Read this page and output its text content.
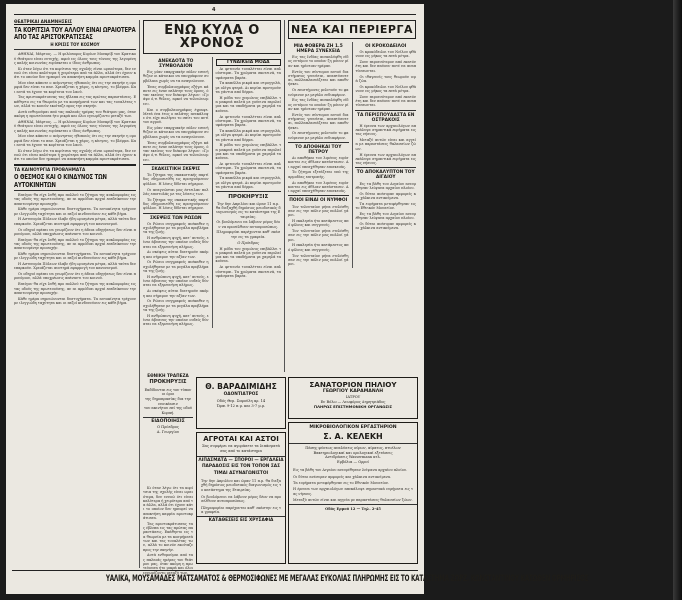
4
ΘΕΑΤΡΙΚΑΙ ΑΝΑΜΝΗΣΕΙΣ
ΤΑ ΚΟΡΙΤΣΙΑ ΤΟΥ ΑΛΛΟΥ ΕΙΝΑΙ ΩΡΑΙΟΤΕΡΑ ΑΠΟ ΤΑΣ ΑΡΙΣΤΟΚΡΑΤΙΣΣΑΣ
Η ΚΡΙΣΙΣ ΤΟΥ ΚΟΣΜΟΥ

ΑΘΗΝΑΙ, Μάρτιος. — Η φιλόσοφος Κυρίων Μονκρίβ του Κρατικού Θεάτρου είναι ευτυχής, αφού εις όλους τους τόνους της λεγομένης καλής κοινωνίας ευρίσκεται ο ίδιος άνθρωπος.

Κι όταν λέγω ότι τα κορίτσια της σχολής είναι ωραιότερα, δεν εννοώ ότι είναι καλύτερα ή χειρότερα από τα άλλα, αλλά ότι έχουν κάτι το οποίον δεν ημπορεί να αποκτήση καμμία αριστοκράτισσα.

Μου είπε κάποτε ο αείμνηστος ηθοποιός ότι εις την σκηνήν η ομορφιά δεν είναι το παν. Χρειάζεται η χάρις, η κίνησις, το βλέμμα. Και αυτά τα έχουν τα κορίτσια του λαού.

Τας αριστοκράτισσας τας έβλεπα εις τας πρώτας παραστάσεις. Εκάθηντο εις τα θεωρεία με τα κοσμήματά των και τας τουαλέτας των, αλλά το κοινόν εκοίταζε προς την σκηνήν.

Αυτά ενθυμούμαι από τας παλαιάς ημέρας του θεάτρου μας, όταν ακόμη η πρωτεύουσα ήτο μικρά και όλοι εγνωρίζοντο μεταξύ των.

ΑΘΗΝΑΙ, Μάρτιος. — Η φιλόσοφος Κυρίων Μονκρίβ του Κρατικού Θεάτρου είναι ευτυχής, αφού εις όλους τους τόνους της λεγομένης καλής κοινωνίας ευρίσκεται ο ίδιος άνθρωπος.

Μου είπε κάποτε ο αείμνηστος ηθοποιός ότι εις την σκηνήν η ομορφιά δεν είναι το παν. Χρειάζεται η χάρις, η κίνησις, το βλέμμα. Και αυτά τα έχουν τα κορίτσια του λαού.

Κι όταν λέγω ότι τα κορίτσια της σχολής είναι ωραιότερα, δεν εννοώ ότι είναι καλύτερα ή χειρότερα από τα άλλα, αλλά ότι έχουν κάτι το οποίον δεν ημπορεί να αποκτήση καμμία αριστοκράτισσα.

ΤΑ ΚΑΙΝΟΥΡΓΙΑ ΠΡΟΒΛΗΜΑΤΑ
Ο ΘΕΣΜΟΣ ΚΑΙ Ο ΚΙΝΔΥΝΟΣ ΤΩΝ ΑΥΤΟΚΙΝΗΤΩΝ

Επείγον θα είχε λυθή προ πολλού το ζήτημα της κυκλοφορίας εις τας οδούς της πρωτευούσης, αν αι αρμόδιαι αρχαί επεδείκνυον την απαιτουμένην προσοχήν.

Κάθε ημέρα σημειώνονται δυστυχήματα. Τα αυτοκίνητα τρέχουν με ιλιγγιώδη ταχύτητα και οι πεζοί κινδυνεύουν εις κάθε βήμα.

Η Αστυνομία Πόλεων έλαβε ήδη ωρισμένα μέτρα, αλλά ταύτα δεν επαρκούν. Χρειάζεται αυστηρά εφαρμογή του κανονισμού.

Οι οδηγοί πρέπει να γνωρίζουν ότι η άδεια οδηγήσεως δεν είναι προνόμιον, αλλά υποχρέωσις απέναντι του κοινού.

Επείγον θα είχε λυθή προ πολλού το ζήτημα της κυκλοφορίας εις τας οδούς της πρωτευούσης, αν αι αρμόδιαι αρχαί επεδείκνυον την απαιτουμένην προσοχήν.

Κάθε ημέρα σημειώνονται δυστυχήματα. Τα αυτοκίνητα τρέχουν με ιλιγγιώδη ταχύτητα και οι πεζοί κινδυνεύουν εις κάθε βήμα.

Η Αστυνομία Πόλεων έλαβε ήδη ωρισμένα μέτρα, αλλά ταύτα δεν επαρκούν. Χρειάζεται αυστηρά εφαρμογή του κανονισμού.

Οι οδηγοί πρέπει να γνωρίζουν ότι η άδεια οδηγήσεως δεν είναι προνόμιον, αλλά υποχρέωσις απέναντι του κοινού.

Επείγον θα είχε λυθή προ πολλού το ζήτημα της κυκλοφορίας εις τας οδούς της πρωτευούσης, αν αι αρμόδιαι αρχαί επεδείκνυον την απαιτουμένην προσοχήν.

Κάθε ημέρα σημειώνονται δυστυχήματα. Τα αυτοκίνητα τρέχουν με ιλιγγιώδη ταχύτητα και οι πεζοί κινδυνεύουν εις κάθε βήμα.

ΕΝΩ ΚΥΛΑ Ο ΧΡΟΝΟΣ
ΑΝΕΚΔΟΤΑ ΤΟ ΣΥΜΒΟΛΑΙΟΝ

Εις μίαν επαρχιακήν πόλιν εσυνήθιζαν οι κάτοικοι να υπογράφουν συμβόλαια χωρίς να τα αναγνώσουν.

Ένας συμβολαιογράφος εξήγει κάποτε εις έναν πελάτην τους όρους, όταν εκείνος τον διέκοψε λέγων: «Γράψε ό,τι θέλεις, αρκεί να τελειώνωμεν».

Και ο συμβολαιογράφος έγραψε. Μετά ένα έτος ο πελάτης ανεκάλυψε ότι είχε πωλήσει το σπίτι του αντί του αγρού.

Εις μίαν επαρχιακήν πόλιν εσυνήθιζαν οι κάτοικοι να υπογράφουν συμβόλαια χωρίς να τα αναγνώσουν.

Ένας συμβολαιογράφος εξήγει κάποτε εις έναν πελάτην τους όρους, όταν εκείνος τον διέκοψε λέγων: «Γράψε ό,τι θέλεις, αρκεί να τελειώνωμεν».

ΣΚΑΚΙΣΤΙΚΗ ΣΚΕΨΙΣ

Το ζήτημα της σκακιστικής παρτίδος εδημοσιεύθη εις προηγούμενον φύλλον. Η λύσις δίδεται σήμερον.

Οι αναγνώσται μας έστειλαν πολλάς επιστολάς με τας λύσεις των.

Το ζήτημα της σκακιστικής παρτίδος εδημοσιεύθη εις προηγούμενον φύλλον. Η λύσις δίδεται σήμερον.

ΣΚΕΨΕΙΣ ΤΩΝ ΡΩΣΩΝ

Οι Ρώσοι συγγραφείς ανέκαθεν ησχολήθησαν με τα μεγάλα προβλήματα της ζωής.

Η ανθρώπινη ψυχή, κατ’ αυτούς, είναι άβυσσος την οποίαν ουδείς δύναται να εξερευνήση πλήρως.

Αι σκέψεις αύται διατηρούν ακόμη και σήμερον την αξίαν των.

Οι Ρώσοι συγγραφείς ανέκαθεν ησχολήθησαν με τα μεγάλα προβλήματα της ζωής.

Η ανθρώπινη ψυχή, κατ’ αυτούς, είναι άβυσσος την οποίαν ουδείς δύναται να εξερευνήση πλήρως.

Αι σκέψεις αύται διατηρούν ακόμη και σήμερον την αξίαν των.

Οι Ρώσοι συγγραφείς ανέκαθεν ησχολήθησαν με τα μεγάλα προβλήματα της ζωής.

Η ανθρώπινη ψυχή, κατ’ αυτούς, είναι άβυσσος την οποίαν ουδείς δύναται να εξερευνήση πλήρως.

ΓΥΝΑΙΚΕΙΑ ΜΟΔΑ

Αι φετεινάι τουαλέτται είναι απλούστεραι. Τα χρώματα σκοτεινά, τα υφάσματα βαρέα.

Τα καπέλλα μικρά και στρογγυλά, με ολίγα φτερά. Αι κυρίαι προτιμούν τα γάντια από δέρμα.

Η μόδα του χειμώνος επιβάλλει τα μακρυά παλτά με γούνινα περιλαίμια και τα υποδήματα με χαμηλά τακούνια.

Αι φετεινάι τουαλέτται είναι απλούστεραι. Τα χρώματα σκοτεινά, τα υφάσματα βαρέα.

Τα καπέλλα μικρά και στρογγυλά, με ολίγα φτερά. Αι κυρίαι προτιμούν τα γάντια από δέρμα.

Η μόδα του χειμώνος επιβάλλει τα μακρυά παλτά με γούνινα περιλαίμια και τα υποδήματα με χαμηλά τακούνια.

Αι φετεινάι τουαλέτται είναι απλούστεραι. Τα χρώματα σκοτεινά, τα υφάσματα βαρέα.

Τα καπέλλα μικρά και στρογγυλά, με ολίγα φτερά. Αι κυρίαι προτιμούν τα γάντια από δέρμα.

ΠΡΟΚΗΡΥΞΙΣ

Την 8ην Απριλίου και ώραν 11 π.μ. θα διεξαχθή δημόσιος μειοδοτικός διαγωνισμός εις το κατάστημα της Εταιρείας.

Οι βουλόμενοι να λάβουν μέρος δέον να προσέλθουν αυτοπροσώπως.

Πληροφορίαι παρέχονται καθ’ εκάστην εις τα γραφεία.

Ο Πρόεδρος

Η μόδα του χειμώνος επιβάλλει τα μακρυά παλτά με γούνινα περιλαίμια και τα υποδήματα με χαμηλά τακούνια.

Αι φετεινάι τουαλέτται είναι απλούστεραι. Τα χρώματα σκοτεινά, τα υφάσματα βαρέα.

ΝΕΑ ΚΑΙ ΠΕΡΙΕΡΓΑ
ΜΙΑ ΦΟΒΕΡΑ ΖΗ 1.5 ΗΜΕΡΑ ΣΥΝΕΧΕΙΑ

Εις τας Ινδίας ανεκαλύφθη είδος εντόμου το οποίον ζη μόνον μίαν και ημίσειαν ημέραν.

Εντός του σύντομου αυτού διαστήματος γεννάται, αναπτύσσεται, πολλαπλασιάζεται και αποθνήσκει.

Οι επιστήμονες μελετούν το φαινόμενον με μεγάλο ενδιαφέρον.

Εις τας Ινδίας ανεκαλύφθη είδος εντόμου το οποίον ζη μόνον μίαν και ημίσειαν ημέραν.

Εντός του σύντομου αυτού διαστήματος γεννάται, αναπτύσσεται, πολλαπλασιάζεται και αποθνήσκει.

Οι επιστήμονες μελετούν το φαινόμενον με μεγάλο ενδιαφέρον.

ΤΟ ΑΠΟΘΗΚΑΙ ΤΟΥ ΠΕΤΡΟΥ

Αι αποθήκαι του λιμένος ευρίσκονται εις άθλιαν κατάστασιν. Αι αρχαί υπεσχέθησαν επισκευάς.

Το ζήτημα εξετάζεται υπό της αρμοδίας επιτροπής.

Αι αποθήκαι του λιμένος ευρίσκονται εις άθλιαν κατάστασιν. Αι αρχαί υπεσχέθησαν επισκευάς.

ΠΟΙΟΙ ΕΙΝΑΙ ΟΙ ΝΥΜΦΟΙ

Τον τελευταίον μήνα ετελέσθησαν εις την πόλιν μας πολλοί γάμοι.

Η εκκλησία ήτο κατάμεστος από φίλους και συγγενείς.

Τον τελευταίον μήνα ετελέσθησαν εις την πόλιν μας πολλοί γάμοι.

Η εκκλησία ήτο κατάμεστος από φίλους και συγγενείς.

Τον τελευταίον μήνα ετελέσθησαν εις την πόλιν μας πολλοί γάμοι.

ΟΙ ΚΡΟΚΟΔΕΙΛΟΙ

Οι κροκόδειλοι του Νείλου φθάνουν εις μήκος τα επτά μέτρα.

Ζουν περισσότερον από εκατόν έτη και δεν παύουν ποτέ να αναπτύσσωνται.

Οι ιθαγενείς τους θεωρούν ιερά ζώα.

Οι κροκόδειλοι του Νείλου φθάνουν εις μήκος τα επτά μέτρα.

Ζουν περισσότερον από εκατόν έτη και δεν παύουν ποτέ να αναπτύσσωνται.

ΤΑ ΠΕΡΙΣΠΟΥΔΑΣΤΑ ΕΝ ΟΣΤΡΑΚΟΙΣ

Η έρευνα των αρχαιολόγων απεκάλυψε σημαντικά ευρήματα εις τας νήσους.

Μεταξύ αυτών είναι και αγγεία με παραστάσεις θαλασσίων ζώων.

Η έρευνα των αρχαιολόγων απεκάλυψε σημαντικά ευρήματα εις τας νήσους.

ΤΟ ΑΠΟΚΑΛΥΠΤΟΝ ΤΟΥ ΑΙΓΑΙΟΥ

Εις τα βάθη του Αιγαίου ανευρέθησαν λείψανα αρχαίου πλοίου.

Οι δύται ανέσυραν αμφορείς και χάλκινα αντικείμενα.

Τα ευρήματα μετεφέρθησαν εις το Εθνικόν Μουσείον.

Εις τα βάθη του Αιγαίου ανευρέθησαν λείψανα αρχαίου πλοίου.

Οι δύται ανέσυραν αμφορείς και χάλκινα αντικείμενα.

ΕΘΝΙΚΗ ΤΡΑΠΕΖΑ
ΠΡΟΚΗΡΥΞΙΣ
Εκδίδονται εις τον τύπον οι όροι
της δημοπρασίας δια την ενοικίασιν
του ακινήτου επί της οδού Κοραή.
ΕΙΔΟΠΟΙΗΣΙΣ
Ο Πρόεδρος
Α. Γεωργίου

Κι όταν λέγω ότι τα κορίτσια της σχολής είναι ωραιότερα, δεν εννοώ ότι είναι καλύτερα ή χειρότερα από τα άλλα, αλλά ότι έχουν κάτι το οποίον δεν ημπορεί να αποκτήση καμμία αριστοκράτισσα.

Τας αριστοκράτισσας τας έβλεπα εις τας πρώτας παραστάσεις. Εκάθηντο εις τα θεωρεία με τα κοσμήματά των και τας τουαλέτας των, αλλά το κοινόν εκοίταζε προς την σκηνήν.

Αυτά ενθυμούμαι από τας παλαιάς ημέρας του θεάτρου μας, όταν ακόμη η πρωτεύουσα ήτο μικρά και όλοι εγνωρίζοντο μεταξύ των.

Θ. ΒΑΡΑΔΙΜΙΔΗΣ
ΟΔΟΝΤΙΑΤΡΟΣ
Οδός Θεμ. Σοφούλη αρ. 14
Ώραι 9-12 π.μ. και 3-7 μ.μ.
ΑΓΡΟΤΑΙ ΚΑΙ ΑΣΤΟΙ
Σας συμφέρει να αγοράσετε τα λιπάσματά σας από το κατάστημα
ΛΙΠΑΣΜΑΤΑ — ΣΠΟΡΟΙ — ΕΡΓΑΛΕΙΑ
ΠΑΡΑΔΟΣΙΣ ΕΙΣ ΤΟΝ ΤΟΠΟΝ ΣΑΣ
ΤΙΜΑΙ ΑΣΥΝΑΓΩΝΙΣΤΟΙ

Την 8ην Απριλίου και ώραν 11 π.μ. θα διεξαχθή δημόσιος μειοδοτικός διαγωνισμός εις το κατάστημα της Εταιρείας.

Οι βουλόμενοι να λάβουν μέρος δέον να προσέλθουν αυτοπροσώπως.

Πληροφορίαι παρέχονται καθ’ εκάστην εις τα γραφεία.

ΚΑΤΑΘΕΣΕΙΣ ΕΙΣ ΧΡΥΣΑΦΙΑ
ΣΑΝΑΤΟΡΙΟΝ ΠΗΛΙΟΥ
ΓΕΩΡΓΙΟΥ ΚΑΡΑΜΑΝΛΗ
ΙΑΤΡΟΥ
Εν Βόλω — Λεωφόρος Δημητριάδος
ΠΛΗΡΩΣ ΕΠΙΣΤΗΜΟΝΙΚΗ ΟΡΓΑΝΩΣΙΣ
ΜΙΚΡΟΒΙΟΛΟΓΙΚΟΝ ΕΡΓΑΣΤΗΡΙΟΝ
Σ. Α. ΚΕΛΕΚΗ
Πάσης φύσεως αναλύσεις ούρων, αίματος, πτυέλων
Βακτηριολογικαί και ορολογικαί εξετάσεις
Αντιδράσεις Wassermann κτλ.
Εμβόλια — Ορροί

Εις τα βάθη του Αιγαίου ανευρέθησαν λείψανα αρχαίου πλοίου.

Οι δύται ανέσυραν αμφορείς και χάλκινα αντικείμενα.

Τα ευρήματα μετεφέρθησαν εις το Εθνικόν Μουσείον.

Η έρευνα των αρχαιολόγων απεκάλυψε σημαντικά ευρήματα εις τας νήσους.

Μεταξύ αυτών είναι και αγγεία με παραστάσεις θαλασσίων ζώων.

Οδός Ερμού 12 — Τηλ. 2-45
ΥΑΛΙΚΑ, ΜΟΥΣΑΜΑΔΕΣ ΜΑΤΣΑΜΑΤΟΣ & ΘΕΡΜΟΣΙΦΩΝΕΣ ΜΕ ΜΕΓΑΛΑΣ ΕΥΚΟΛΙΑΣ ΠΛΗΡΩΜΗΣ ΕΙΣ ΤΟ ΚΑΤΑΣΤΗΜΑ ΖΩΡΖ. ΚΩΝΣΤΑΝΤΙΝΟΥ ΚΑΤΩΘΕΝ ΟΡΜΗΡΙΣΟΣ
